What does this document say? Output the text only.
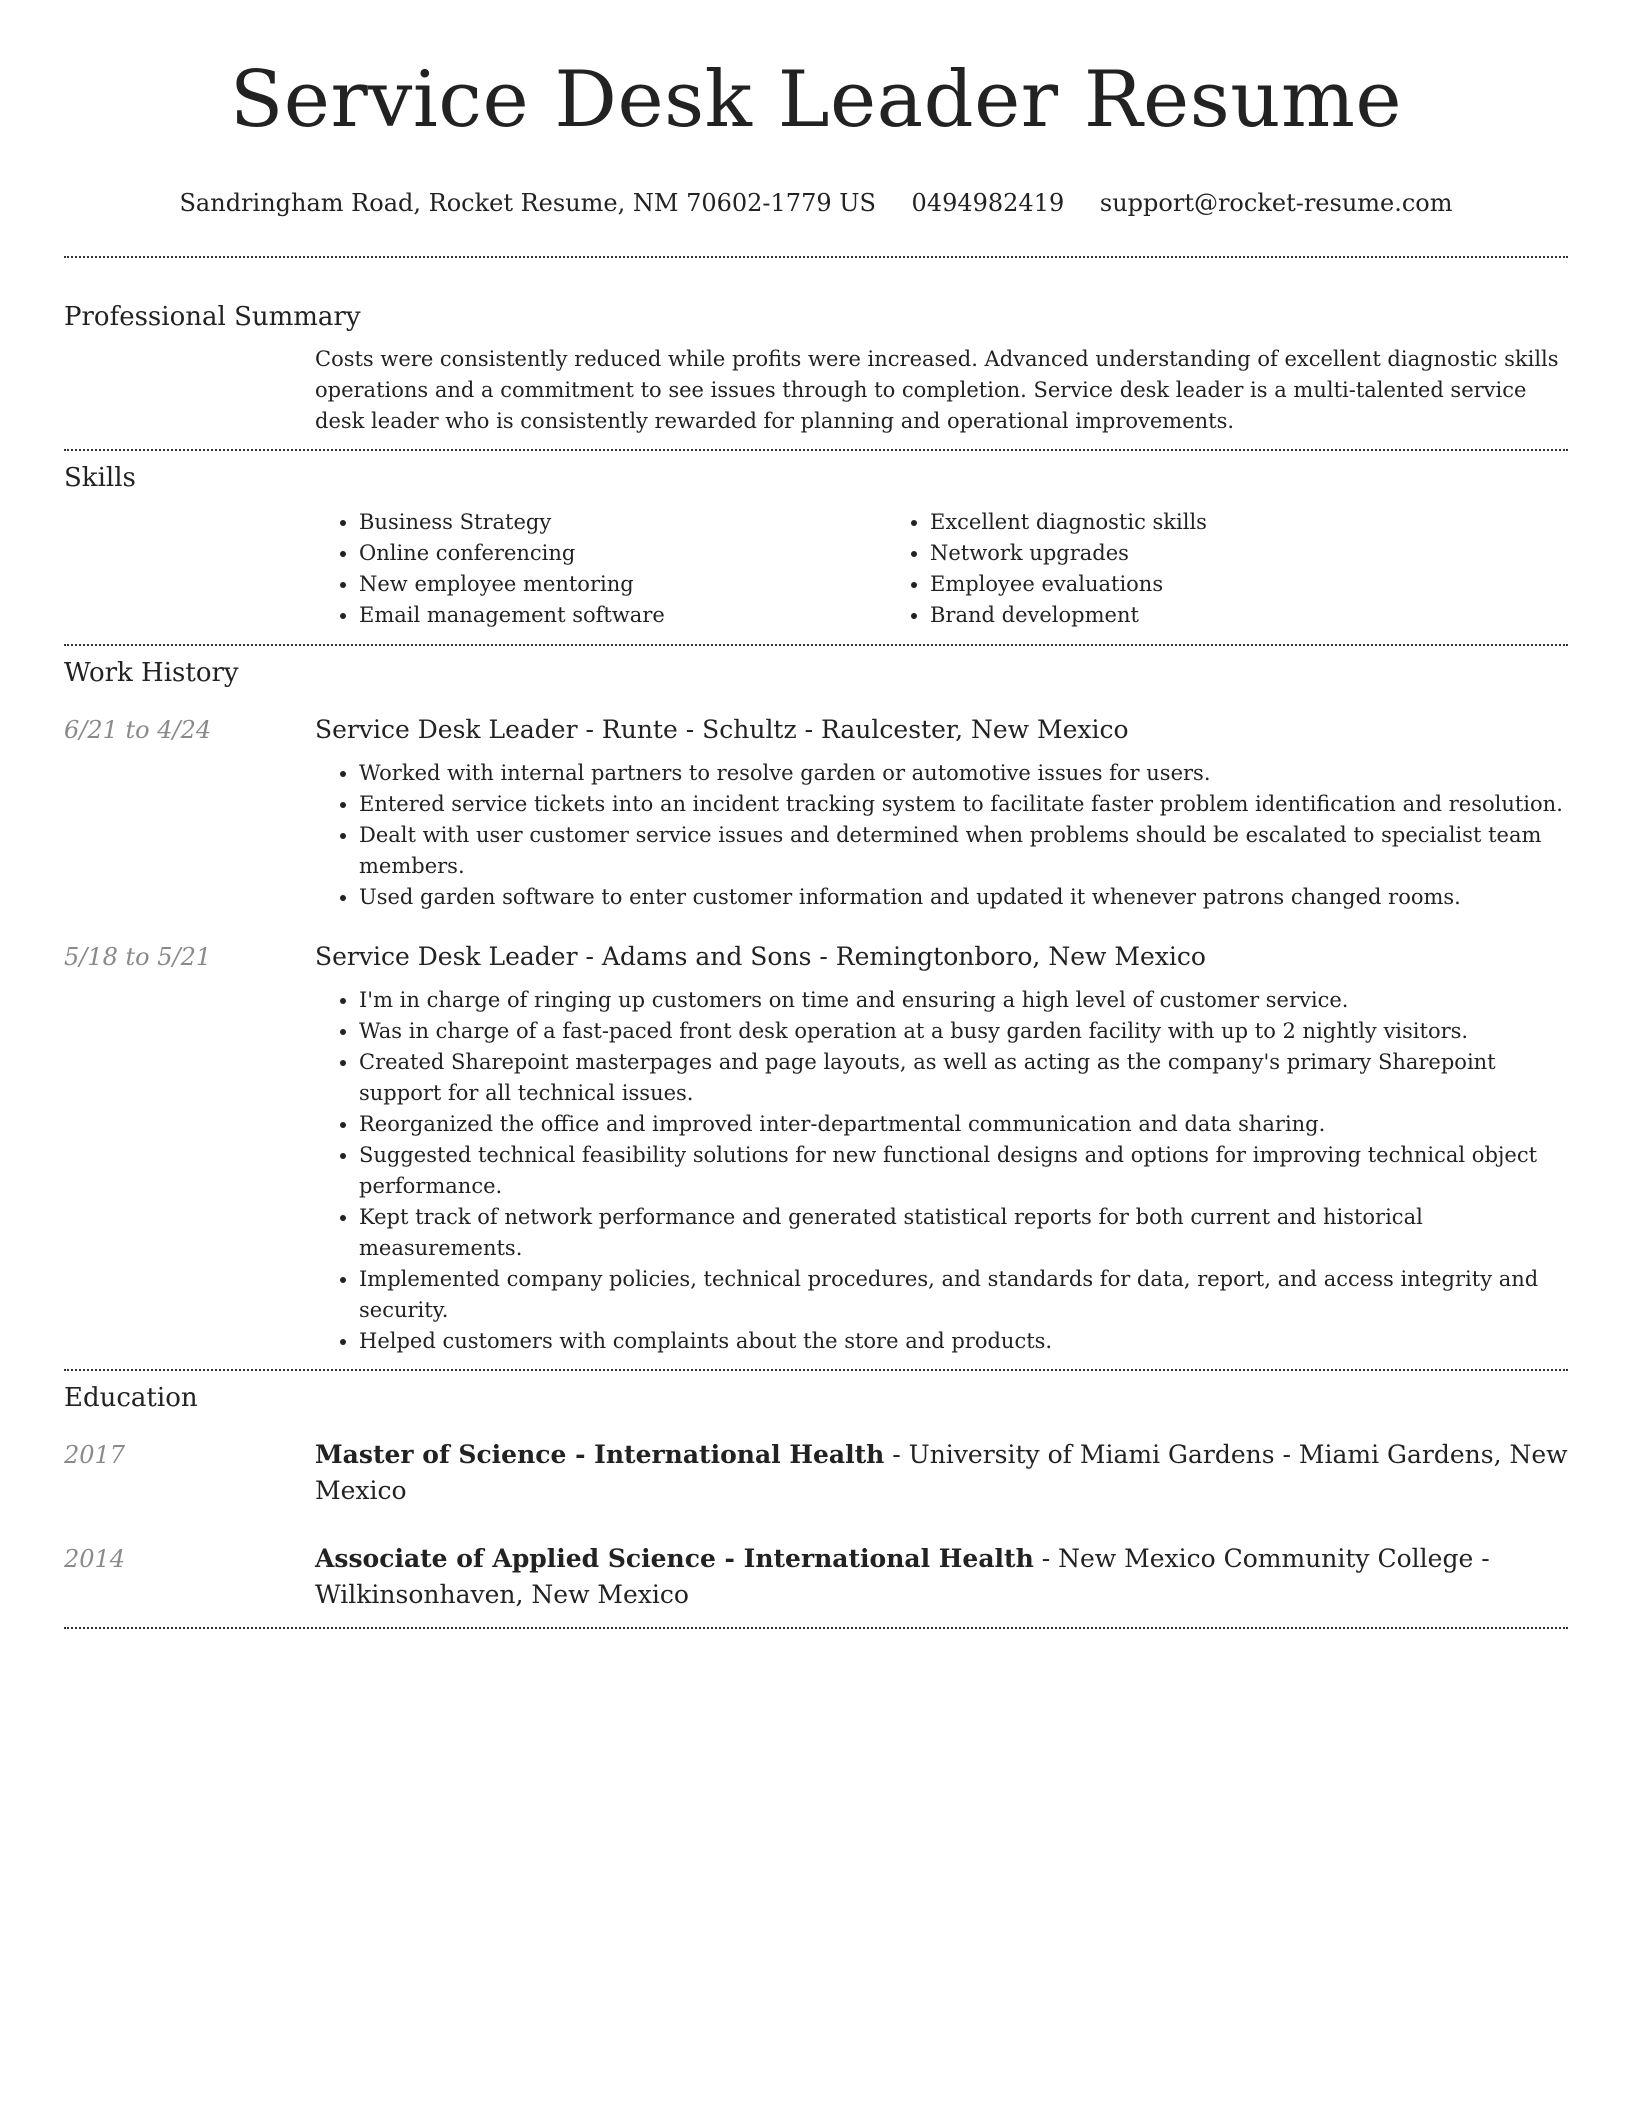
Service Desk Leader Resume
Sandringham Road, Rocket Resume, NM 70602-1779 US 0494982419 support@rocket-resume.com
Professional Summary

Costs were consistently reduced while profits were increased. Advanced understanding of excellent diagnostic skills operations and a commitment to see issues through to completion. Service desk leader is a multi-talented service desk leader who is consistently rewarded for planning and operational improvements.

Skills
• Business Strategy
• Online conferencing
• New employee mentoring
• Email management software
• Excellent diagnostic skills
• Network upgrades
• Employee evaluations
• Brand development
Work History
6/21 to 4/24	Service Desk Leader - Runte - Schultz - Raulcester, New Mexico
• Worked with internal partners to resolve garden or automotive issues for users.
• Entered service tickets into an incident tracking system to facilitate faster problem identification and resolution.
• Dealt with user customer service issues and determined when problems should be escalated to specialist team members.
• Used garden software to enter customer information and updated it whenever patrons changed rooms.
5/18 to 5/21	Service Desk Leader - Adams and Sons - Remingtonboro, New Mexico
• I'm in charge of ringing up customers on time and ensuring a high level of customer service.
• Was in charge of a fast-paced front desk operation at a busy garden facility with up to 2 nightly visitors.
• Created Sharepoint masterpages and page layouts, as well as acting as the company's primary Sharepoint support for all technical issues.
• Reorganized the office and improved inter-departmental communication and data sharing.
• Suggested technical feasibility solutions for new functional designs and options for improving technical object performance.
• Kept track of network performance and generated statistical reports for both current and historical measurements.
• Implemented company policies, technical procedures, and standards for data, report, and access integrity and security.
• Helped customers with complaints about the store and products.
Education
2017	Master of Science - International Health - University of Miami Gardens - Miami Gardens, New Mexico
2014	Associate of Applied Science - International Health - New Mexico Community College - Wilkinsonhaven, New Mexico
